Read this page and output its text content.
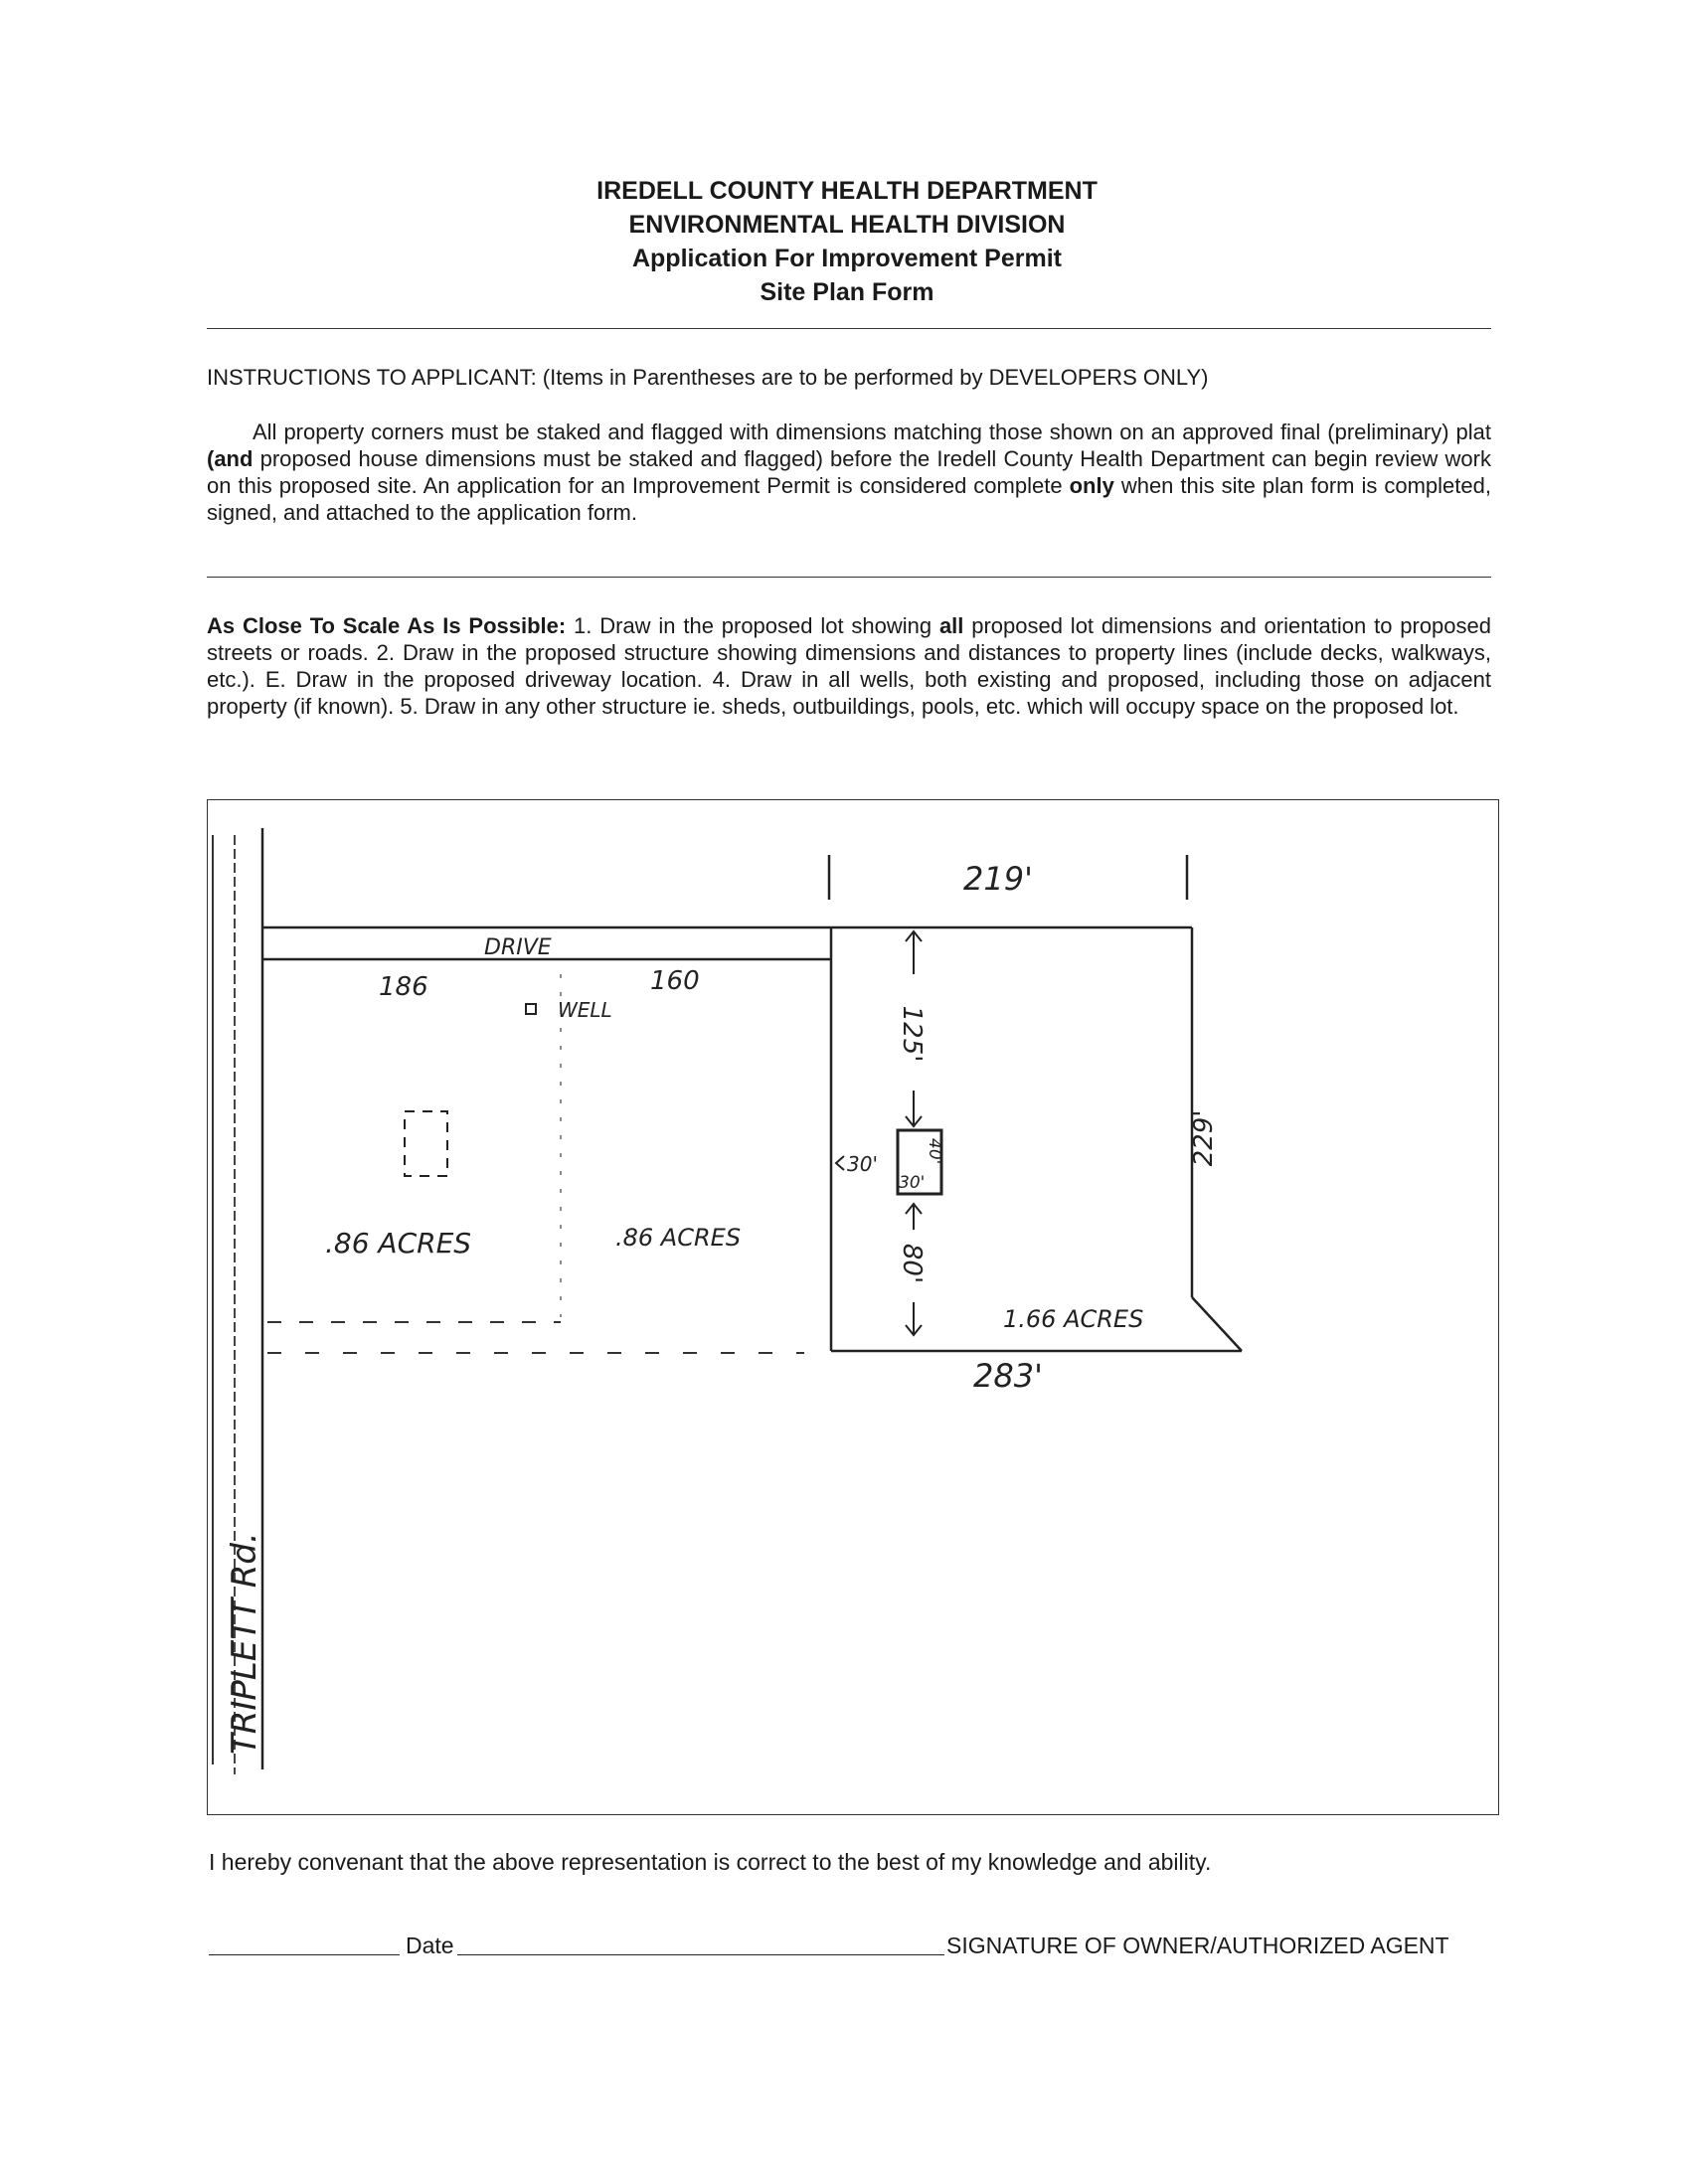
IREDELL COUNTY HEALTH DEPARTMENT
ENVIRONMENTAL HEALTH DIVISION
Application For Improvement Permit
Site Plan Form
INSTRUCTIONS TO APPLICANT: (Items in Parentheses are to be performed by DEVELOPERS ONLY)
All property corners must be staked and flagged with dimensions matching those shown on an approved final (preliminary) plat (and proposed house dimensions must be staked and flagged) before the Iredell County Health Department can begin review work on this proposed site. An application for an Improvement Permit is considered complete only when this site plan form is completed, signed, and attached to the application form.
As Close To Scale As Is Possible: 1. Draw in the proposed lot showing all proposed lot dimensions and orientation to proposed streets or roads. 2. Draw in the proposed structure showing dimensions and distances to property lines (include decks, walkways, etc.). E. Draw in the proposed driveway location. 4. Draw in all wells, both existing and proposed, including those on adjacent property (if known). 5. Draw in any other structure ie. sheds, outbuildings, pools, etc. which will occupy space on the proposed lot.
TRIPLETT Rd.
DRIVE
186	160
WELL
.86 ACRES	.86 ACRES
219'
229'
125'
30'
40'
30'
80'
1.66 ACRES
283'
I hereby convenant that the above representation is correct to the best of my knowledge and ability.
Date	SIGNATURE OF OWNER/AUTHORIZED AGENT
